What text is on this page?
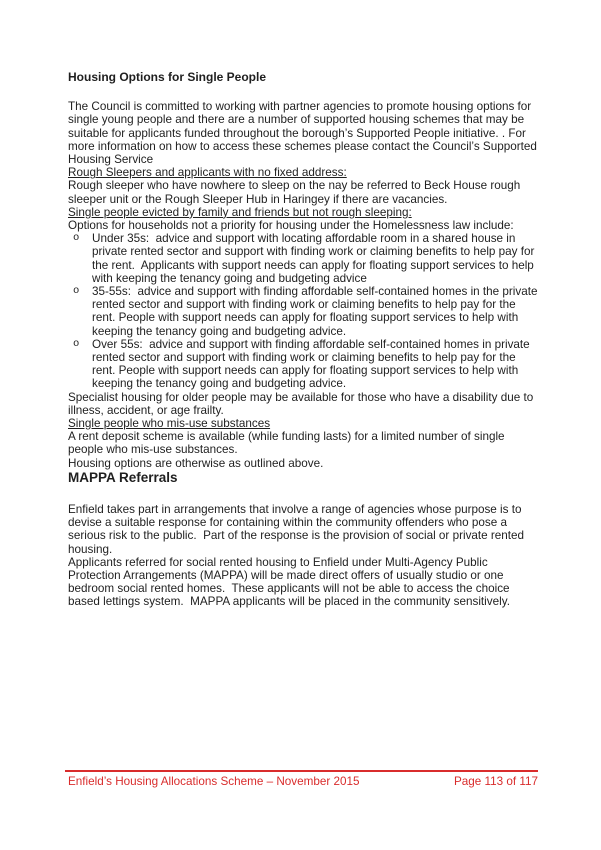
Housing Options for Single People

The Council is committed to working with partner agencies to promote housing options for single young people and there are a number of supported housing schemes that may be suitable for applicants funded throughout the borough’s Supported People initiative. . For more information on how to access these schemes please contact the Council’s Supported Housing Service

Rough Sleepers and applicants with no fixed address:

Rough sleeper who have nowhere to sleep on the nay be referred to Beck House rough sleeper unit or the Rough Sleeper Hub in Haringey if there are vacancies.

Single people evicted by family and friends but not rough sleeping:

Options for households not a priority for housing under the Homelessness law include:

o	Under 35s:  advice and support with locating affordable room in a shared house in private rented sector and support with finding work or claiming benefits to help pay for the rent.  Applicants with support needs can apply for floating support services to help with keeping the tenancy going and budgeting advice
o	35-55s:  advice and support with finding affordable self-contained homes in the private rented sector and support with finding work or claiming benefits to help pay for the rent. People with support needs can apply for floating support services to help with keeping the tenancy going and budgeting advice.
o	Over 55s:  advice and support with finding affordable self-contained homes in private rented sector and support with finding work or claiming benefits to help pay for the rent. People with support needs can apply for floating support services to help with keeping the tenancy going and budgeting advice.

Specialist housing for older people may be available for those who have a disability due to illness, accident, or age frailty.

Single people who mis-use substances

A rent deposit scheme is available (while funding lasts) for a limited number of single people who mis-use substances.

Housing options are otherwise as outlined above.

MAPPA Referrals

Enfield takes part in arrangements that involve a range of agencies whose purpose is to devise a suitable response for containing within the community offenders who pose a serious risk to the public.  Part of the response is the provision of social or private rented housing.

Applicants referred for social rented housing to Enfield under Multi-Agency Public Protection Arrangements (MAPPA) will be made direct offers of usually studio or one bedroom social rented homes.  These applicants will not be able to access the choice based lettings system.  MAPPA applicants will be placed in the community sensitively.

Enfield’s Housing Allocations Scheme – November 2015	Page 113 of 117
